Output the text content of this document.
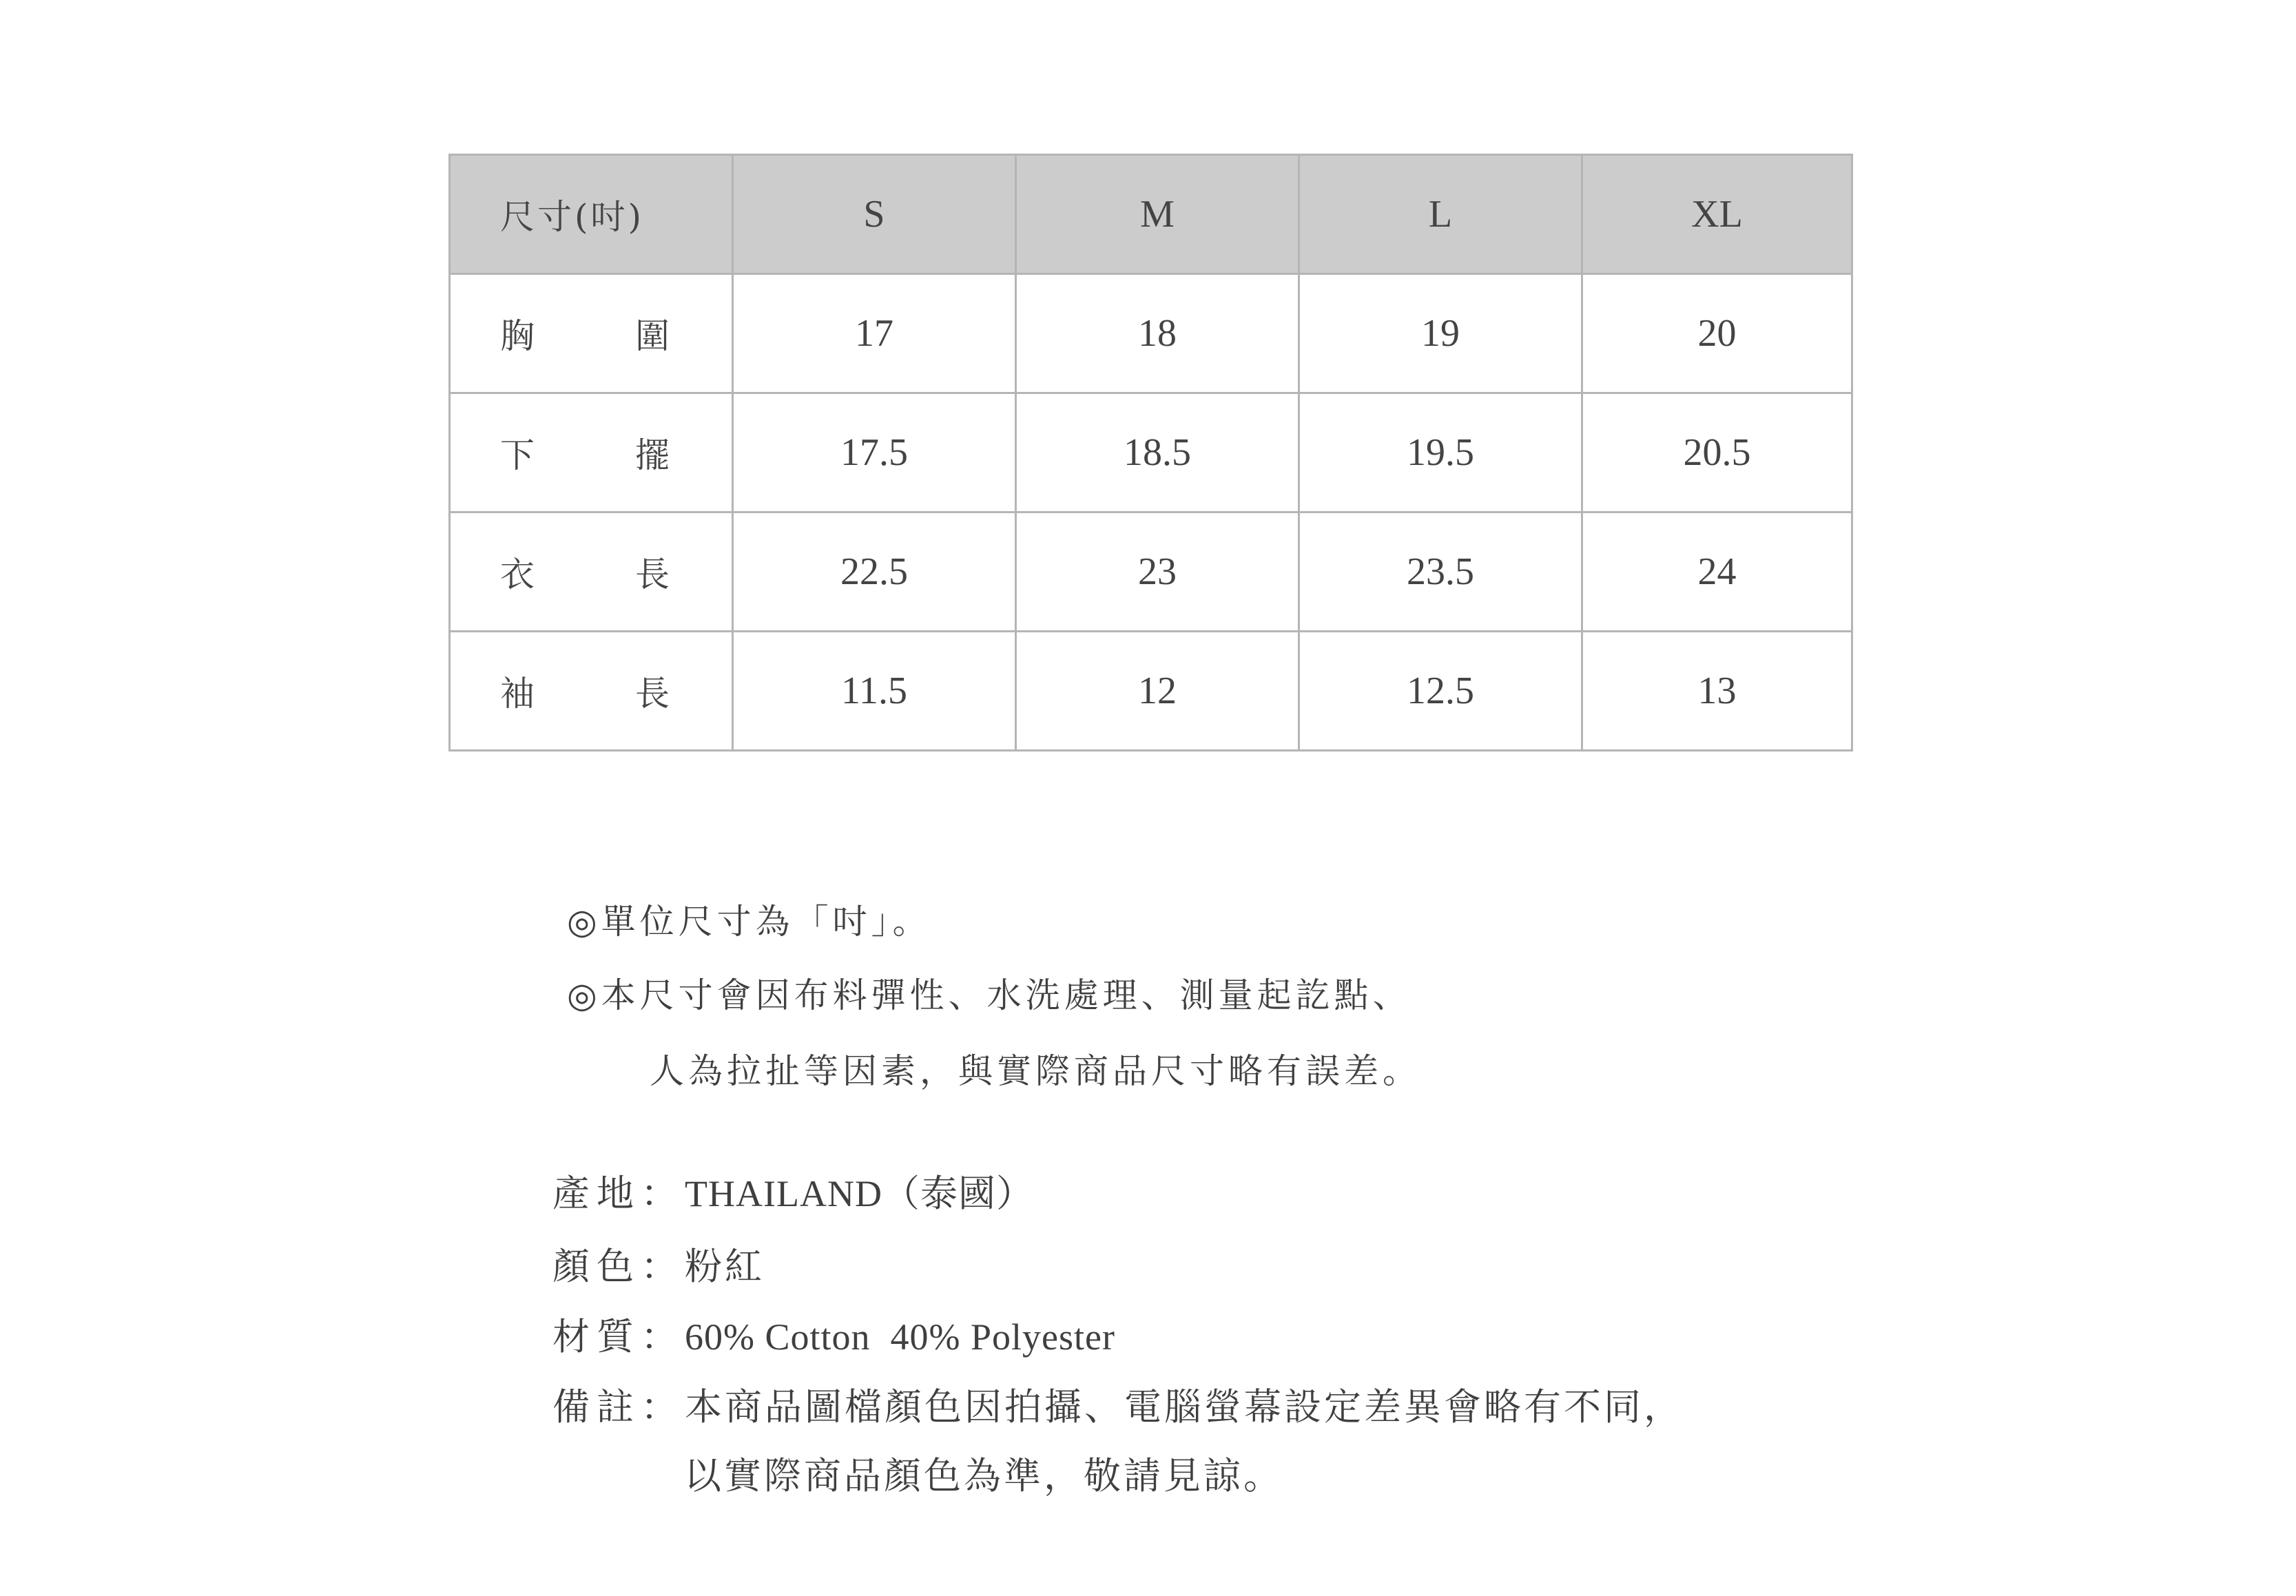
尺寸(吋)	S	M	L	XL

胸 圍	17	18	19	20

下 擺	17.5	18.5	19.5	20.5

衣 長	22.5	23	23.5	24

袖 長	11.5	12	12.5	13
◎單位尺寸為「吋」。
◎本尺寸會因布料彈性、水洗處理、測量起訖點、
人為拉扯等因素，與實際商品尺寸略有誤差。
產地：THAILAND（泰國）
顏色：粉紅
材質：60% Cotton  40% Polyester
備註：本商品圖檔顏色因拍攝、電腦螢幕設定差異會略有不同，
以實際商品顏色為準，敬請見諒。
